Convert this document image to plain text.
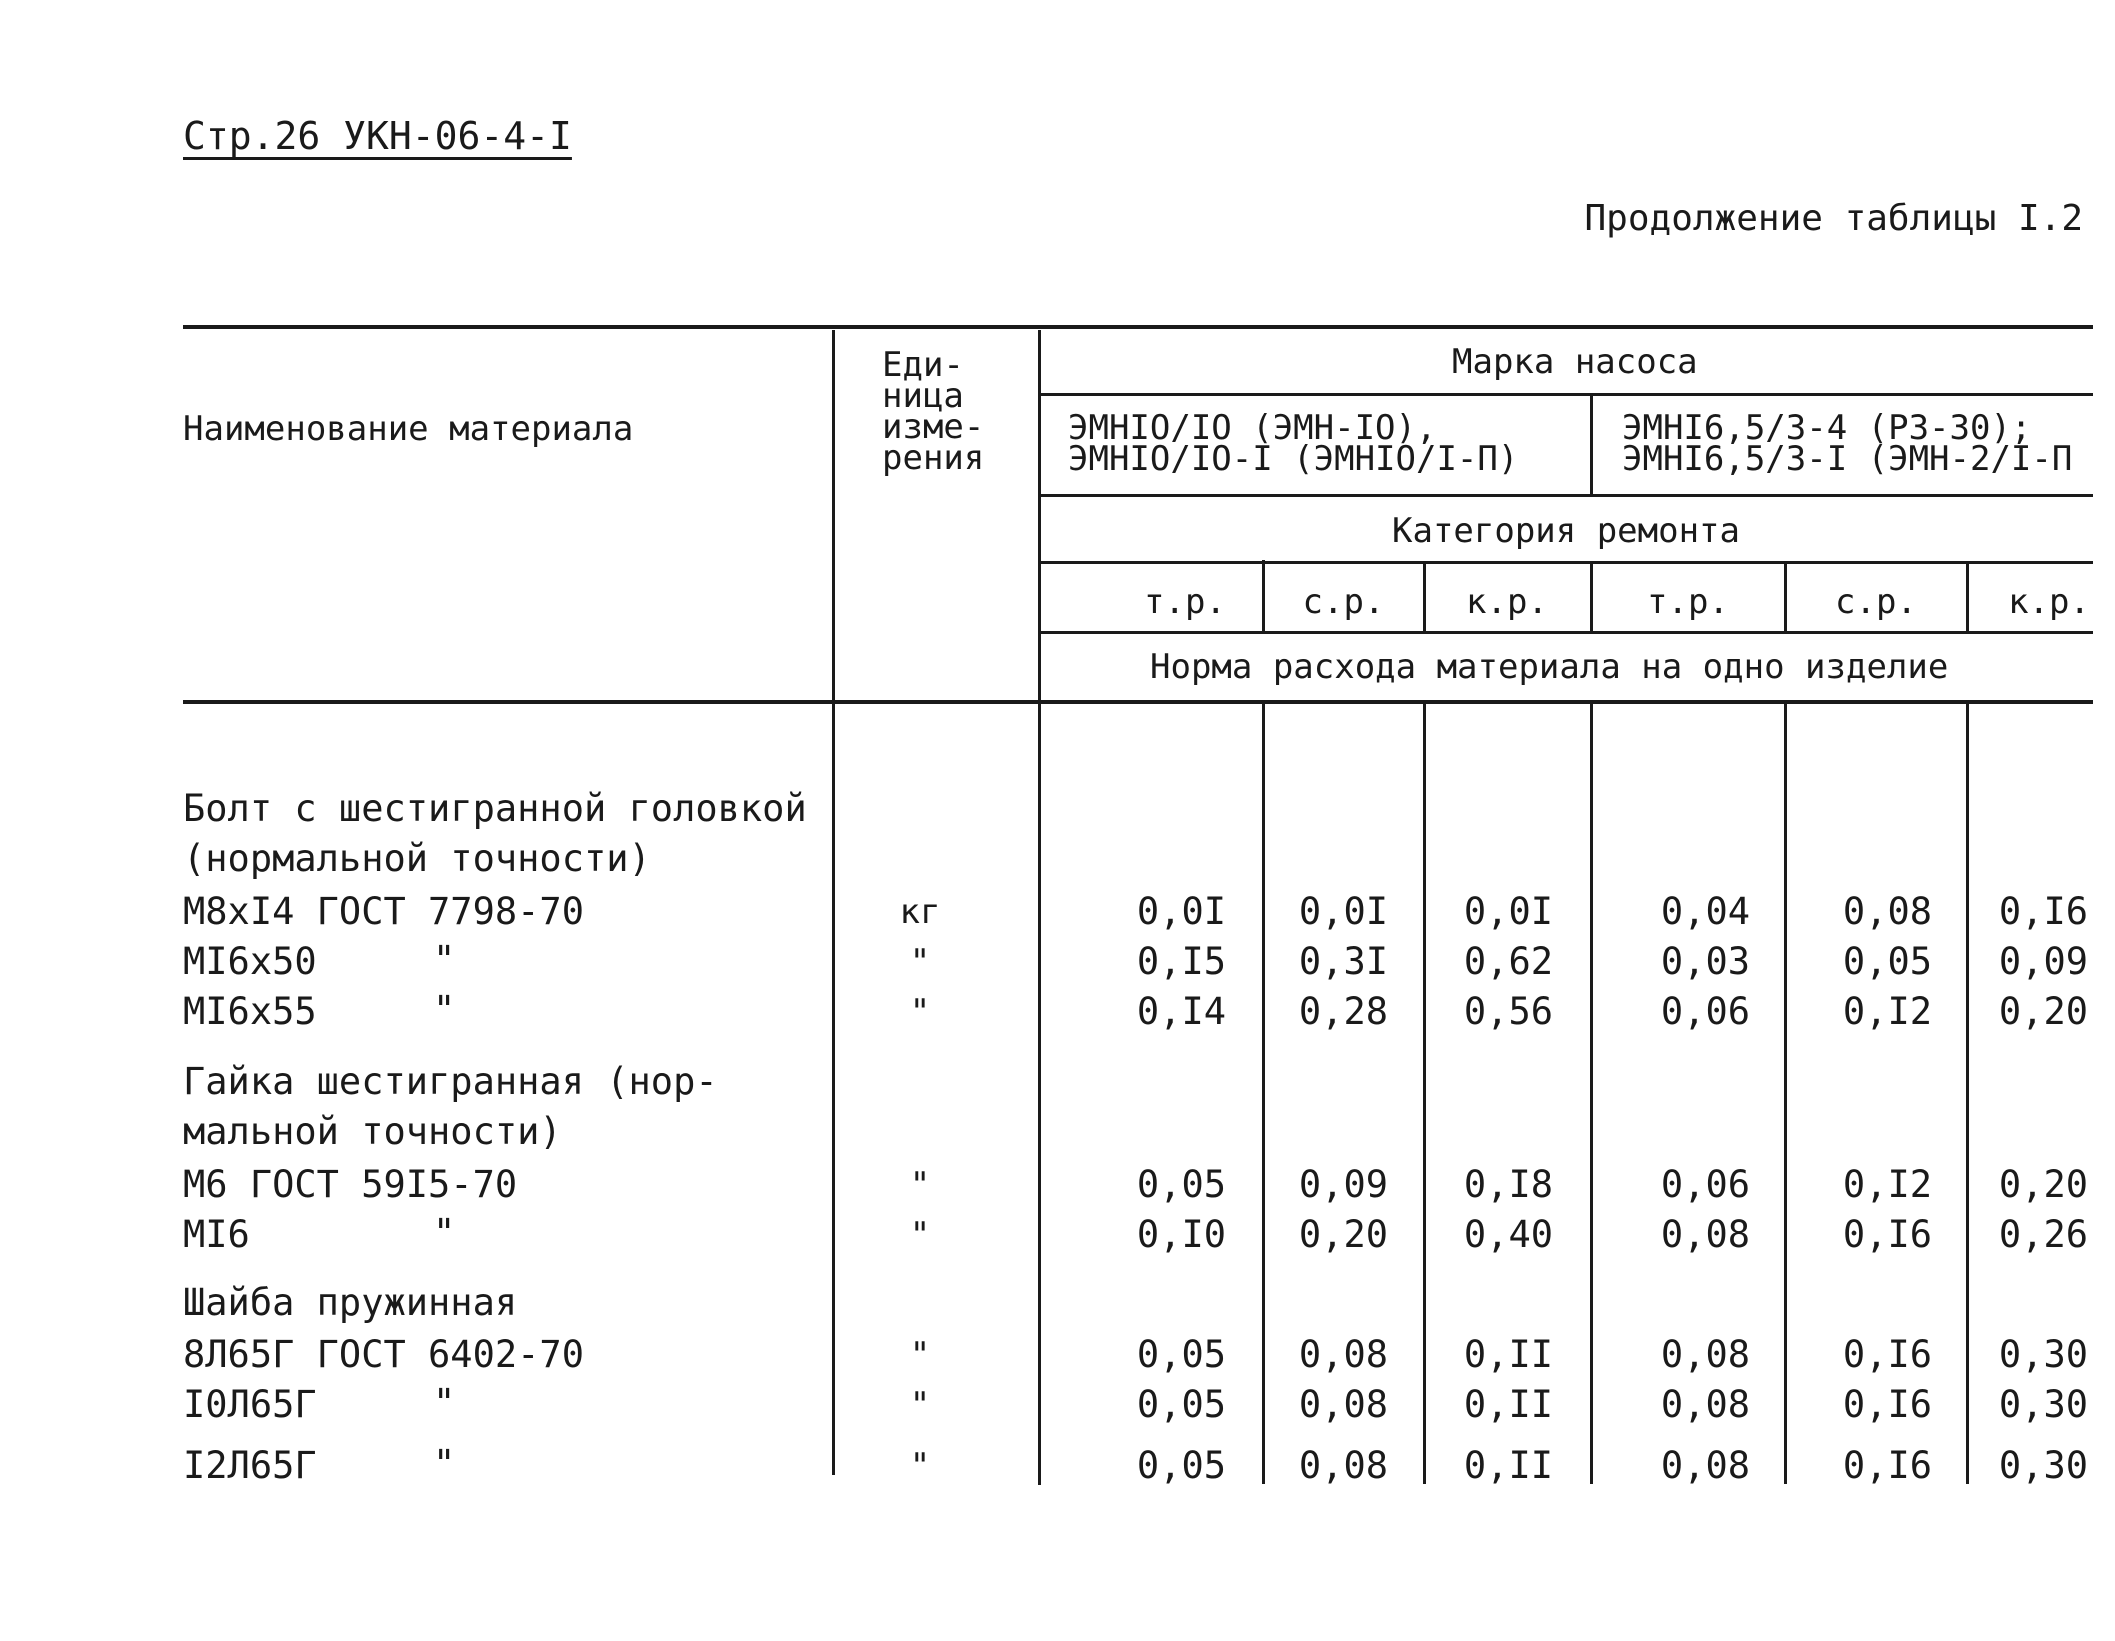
Стр.26 УКН-06-4-I
Продолжение таблицы I.2
Наименование материала
Еди-
ница
изме-
рения
Марка насоса
ЭМНIO/IO (ЭМН-IO),
ЭМНIO/IO-I (ЭМНIO/I-П)
ЭМНI6,5/3-4 (РЗ-30);
ЭМНI6,5/3-I (ЭМН-2/I-П
Категория ремонта
т.р.	с.р.	к.р.	т.р.	с.р.	к.р.
Норма расхода материала на одно изделие
Болт с шестигранной головкой
(нормальной точности)
М8хI4 ГОСТ 7798-70	кг	0,0I	0,0I	0,0I	0,04	0,08	0,I6
МI6х50	"	"	0,I5	0,3I	0,62	0,03	0,05	0,09
МI6х55	"	"	0,I4	0,28	0,56	0,06	0,I2	0,20
Гайка шестигранная (нор-
мальной точности)
М6 ГОСТ 59I5-70	"	0,05	0,09	0,I8	0,06	0,I2	0,20
МI6	"	"	0,I0	0,20	0,40	0,08	0,I6	0,26
Шайба пружинная
8Л65Г ГОСТ 6402-70	"	0,05	0,08	0,II	0,08	0,I6	0,30
I0Л65Г	"	"	0,05	0,08	0,II	0,08	0,I6	0,30
I2Л65Г	"	"	0,05	0,08	0,II	0,08	0,I6	0,30
